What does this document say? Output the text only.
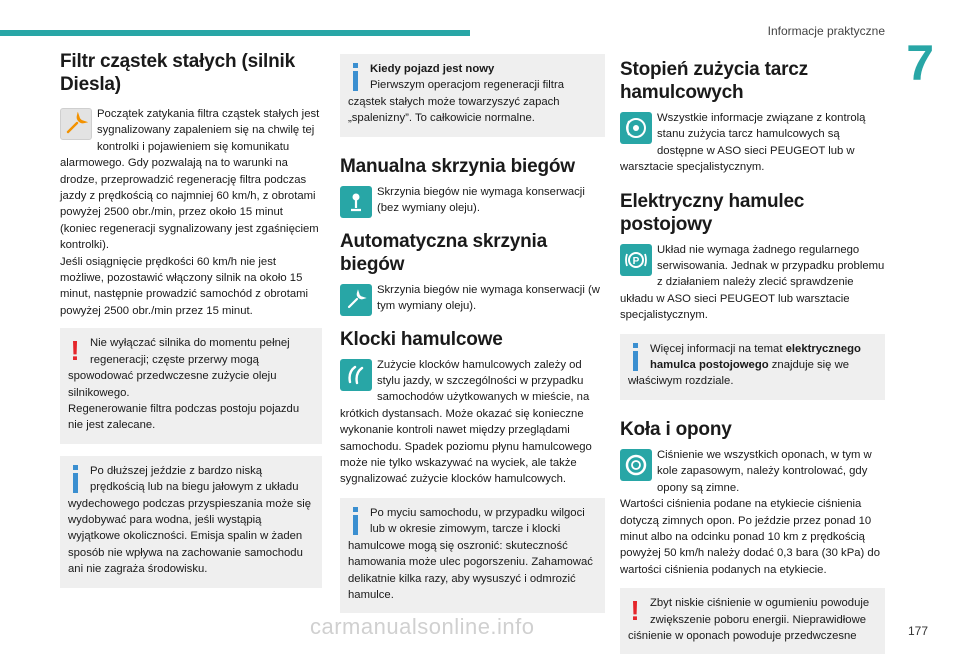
Informacje praktyczne
7
Filtr cząstek stałych (silnik Diesla)
Początek zatykania filtra cząstek stałych jest sygnalizowany zapaleniem się na chwilę tej kontrolki i pojawieniem się komunikatu alarmowego. Gdy pozwalają na to warunki na drodze, przeprowadzić regenerację filtra podczas jazdy z prędkością co najmniej 60 km/h, z obrotami powyżej 2500 obr./min, przez około 15 minut (koniec regeneracji sygnalizowany jest zgaśnięciem kontrolki).
Jeśli osiągnięcie prędkości 60 km/h nie jest możliwe, pozostawić włączony silnik na około 15 minut, następnie prowadzić samochód z obrotami powyżej 2500 obr./min przez 15 minut.
! Nie wyłączać silnika do momentu pełnej regeneracji; częste przerwy mogą spowodować przedwczesne zużycie oleju silnikowego.
Regenerowanie filtra podczas postoju pojazdu nie jest zalecane.
Po dłuższej jeździe z bardzo niską prędkością lub na biegu jałowym z układu wydechowego podczas przyspieszania może się wydobywać para wodna, jeśli wystąpią wyjątkowe okoliczności. Emisja spalin w żaden sposób nie wpływa na zachowanie samochodu ani nie zagraża środowisku.
Kiedy pojazd jest nowy
Pierwszym operacjom regeneracji filtra cząstek stałych może towarzyszyć zapach „spalenizny”. To całkowicie normalne.
Manualna skrzynia biegów
Skrzynia biegów nie wymaga konserwacji (bez wymiany oleju).
Automatyczna skrzynia biegów
Skrzynia biegów nie wymaga konserwacji (w tym wymiany oleju).
Klocki hamulcowe
Zużycie klocków hamulcowych zależy od stylu jazdy, w szczególności w przypadku samochodów użytkowanych w mieście, na krótkich dystansach. Może okazać się konieczne wykonanie kontroli nawet między przeglądami samochodu. Spadek poziomu płynu hamulcowego może nie tylko wskazywać na wyciek, ale także sygnalizować zużycie klocków hamulcowych.
Po myciu samochodu, w przypadku wilgoci lub w okresie zimowym, tarcze i klocki hamulcowe mogą się oszronić: skuteczność hamowania może ulec pogorszeniu. Zahamować delikatnie kilka razy, aby wysuszyć i odmrozić hamulce.
Stopień zużycia tarcz hamulcowych
Wszystkie informacje związane z kontrolą stanu zużycia tarcz hamulcowych są dostępne w ASO sieci PEUGEOT lub w warsztacie specjalistycznym.
Elektryczny hamulec postojowy
P
Układ nie wymaga żadnego regularnego serwisowania. Jednak w przypadku problemu z działaniem należy zlecić sprawdzenie układu w ASO sieci PEUGEOT lub warsztacie specjalistycznym.
Więcej informacji na temat elektrycznego hamulca postojowego znajduje się we właściwym rozdziale.
Koła i opony
Ciśnienie we wszystkich oponach, w tym w kole zapasowym, należy kontrolować, gdy opony są zimne.
Wartości ciśnienia podane na etykiecie ciśnienia dotyczą zimnych opon. Po jeździe przez ponad 10 minut albo na odcinku ponad 10 km z prędkością powyżej 50 km/h należy dodać 0,3 bara (30 kPa) do wartości ciśnienia podanych na etykiecie.
! Zbyt niskie ciśnienie w ogumieniu powoduje zwiększenie poboru energii. Nieprawidłowe ciśnienie w oponach powoduje przedwczesne
carmanualsonline.info	177
